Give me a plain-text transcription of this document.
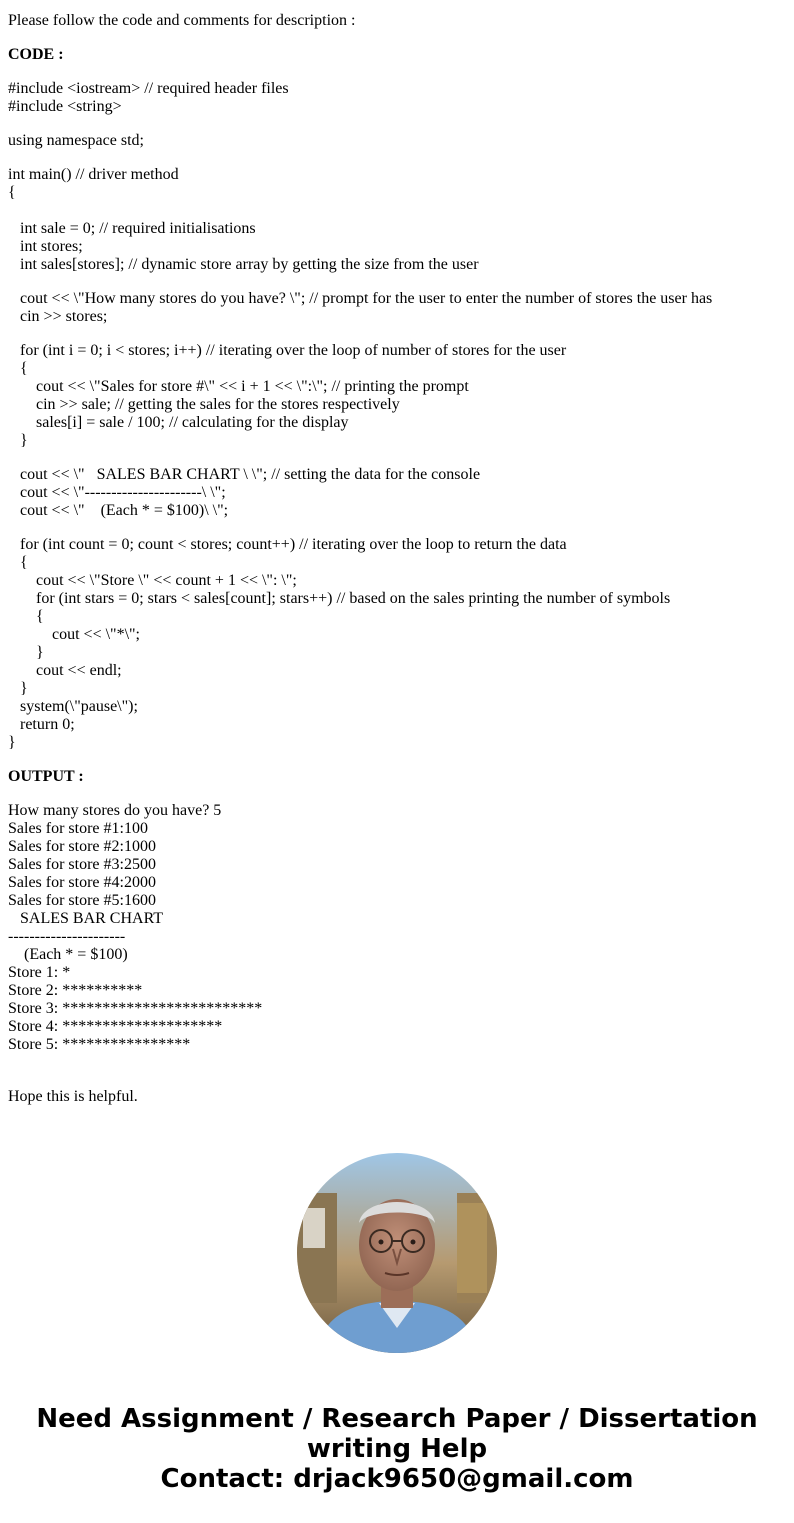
Please follow the code and comments for description :
CODE :
#include <iostream> // required header files
#include <string>
using namespace std;
int main() // driver method
{
int sale = 0; // required initialisations
int stores;
int sales[stores]; // dynamic store array by getting the size from the user
cout << \"How many stores do you have? \"; // prompt for the user to enter the number of stores the user has
cin >> stores;
for (int i = 0; i < stores; i++) // iterating over the loop of number of stores for the user
{
cout << \"Sales for store #\" << i + 1 << \":\"; // printing the prompt
cin >> sale; // getting the sales for the stores respectively
sales[i] = sale / 100; // calculating for the display
}
cout << \"   SALES BAR CHART \ \"; // setting the data for the console
cout << \"----------------------\ \";
cout << \"    (Each * = $100)\ \";
for (int count = 0; count < stores; count++) // iterating over the loop to return the data
{
cout << \"Store \" << count + 1 << \": \";
for (int stars = 0; stars < sales[count]; stars++) // based on the sales printing the number of symbols
{
cout << \"*\";
}
cout << endl;
}
system(\"pause\");
return 0;
}
OUTPUT :
How many stores do you have? 5
Sales for store #1:100
Sales for store #2:1000
Sales for store #3:2500
Sales for store #4:2000
Sales for store #5:1600
SALES BAR CHART
----------------------
(Each * = $100)
Store 1: *
Store 2: **********
Store 3: *************************
Store 4: ********************
Store 5: ****************
Hope this is helpful.
Need Assignment / Research Paper / Dissertation
writing Help
Contact: drjack9650@gmail.com
